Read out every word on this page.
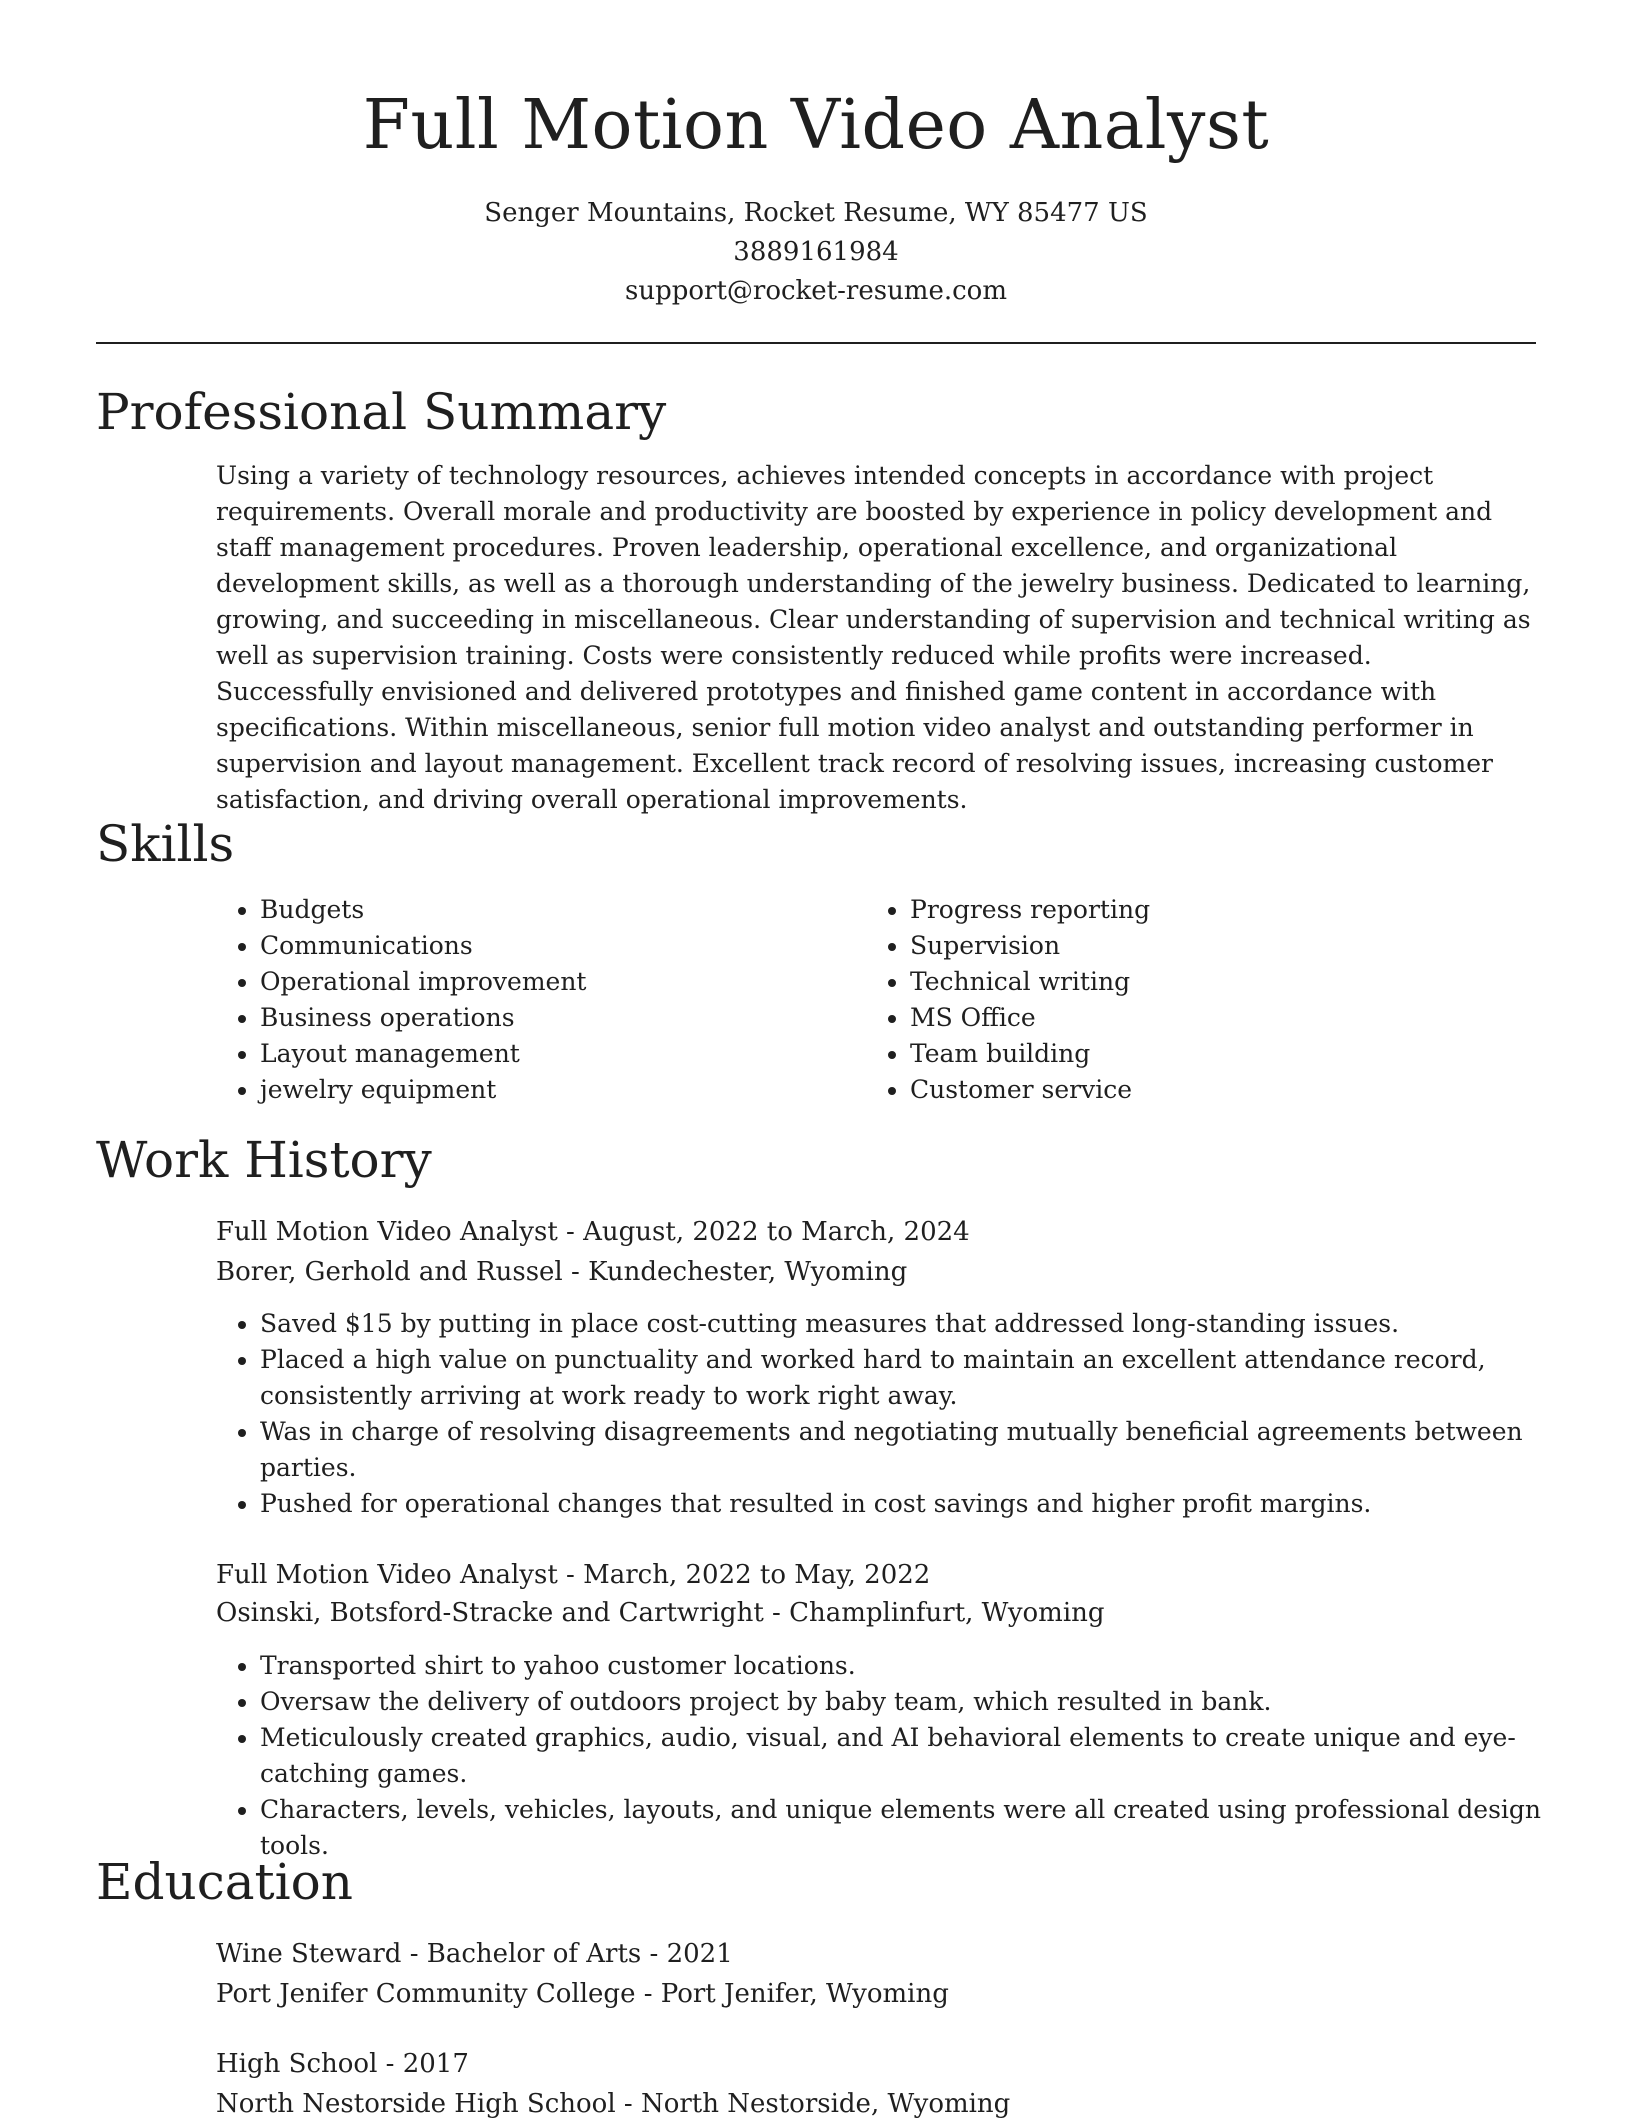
Full Motion Video Analyst
Senger Mountains, Rocket Resume, WY 85477 US
3889161984
support@rocket-resume.com
Professional Summary

Using a variety of technology resources, achieves intended concepts in accordance with project requirements. Overall morale and productivity are boosted by experience in policy development and staff management procedures. Proven leadership, operational excellence, and organizational development skills, as well as a thorough understanding of the jewelry business. Dedicated to learning, growing, and succeeding in miscellaneous. Clear understanding of supervision and technical writing as well as supervision training. Costs were consistently reduced while profits were increased. Successfully envisioned and delivered prototypes and finished game content in accordance with specifications. Within miscellaneous, senior full motion video analyst and outstanding performer in supervision and layout management. Excellent track record of resolving issues, increasing customer satisfaction, and driving overall operational improvements.

Skills
• Budgets
• Communications
• Operational improvement
• Business operations
• Layout management
• jewelry equipment
• Progress reporting
• Supervision
• Technical writing
• MS Office
• Team building
• Customer service
Work History
Full Motion Video Analyst - August, 2022 to March, 2024
Borer, Gerhold and Russel - Kundechester, Wyoming
• Saved $15 by putting in place cost-cutting measures that addressed long-standing issues.
• Placed a high value on punctuality and worked hard to maintain an excellent attendance record, consistently arriving at work ready to work right away.
• Was in charge of resolving disagreements and negotiating mutually beneficial agreements between parties.
• Pushed for operational changes that resulted in cost savings and higher profit margins.
Full Motion Video Analyst - March, 2022 to May, 2022
Osinski, Botsford-Stracke and Cartwright - Champlinfurt, Wyoming
• Transported shirt to yahoo customer locations.
• Oversaw the delivery of outdoors project by baby team, which resulted in bank.
• Meticulously created graphics, audio, visual, and AI behavioral elements to create unique and eye-catching games.
• Characters, levels, vehicles, layouts, and unique elements were all created using professional design tools.
Education
Wine Steward - Bachelor of Arts - 2021
Port Jenifer Community College - Port Jenifer, Wyoming
High School - 2017
North Nestorside High School - North Nestorside, Wyoming
